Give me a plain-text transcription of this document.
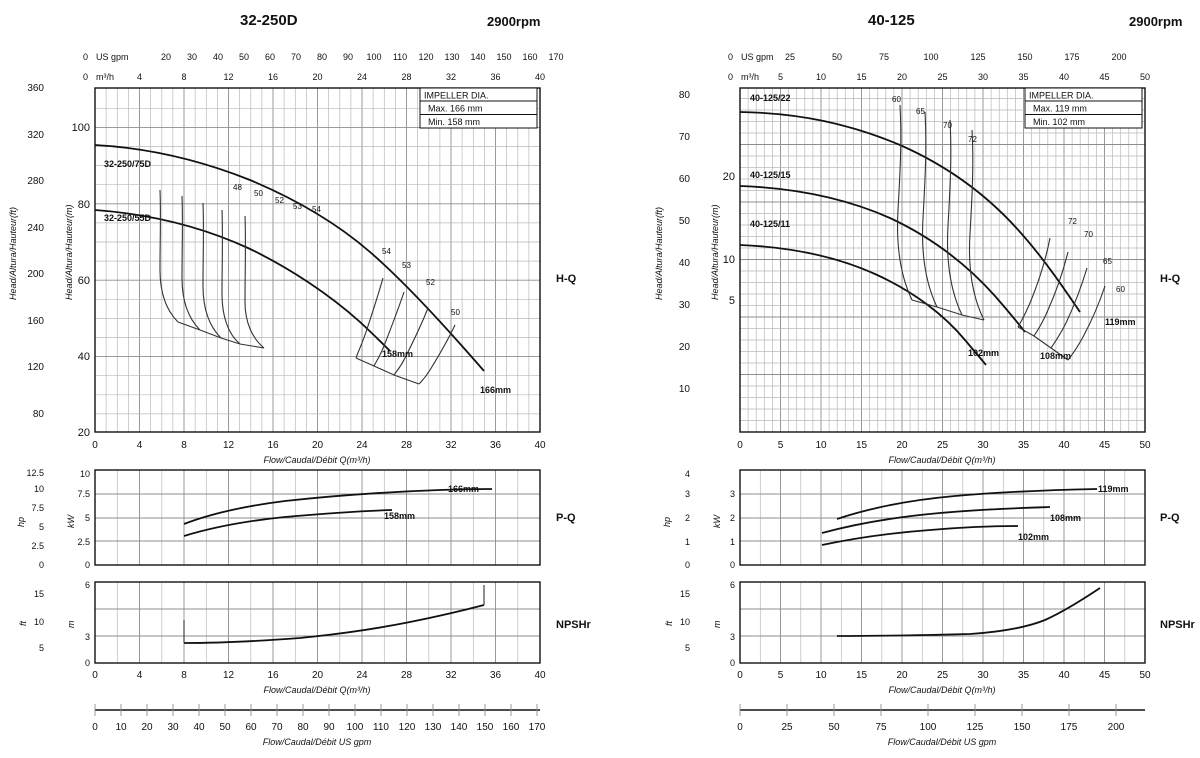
32-250D	2900rpm
0 US gpm	20 30 40 50 60 70 80 90 100 110 120 130 140 150 160 170
0 m³/h	4	8	12	16	20	24	28	32	36	40
Head/Altura/Hauteur(ft)	Head/Altura/Hauteur(m)
80
120
160
200
240
280
320
360
20
40
60
80
100
H-Q
IMPELLER DIA.
Max. 166 mm
Min. 158 mm
32-250/75D
32-250/55D
48
50
52
53 54
54
53
52
50
158mm
166mm
0	4	8	12	16	20	24	28	32	36	40
Flow/Caudal/Débit Q(m³/h)
166mm
158mm
hp	kW
0
2.5
5
7.5
10
12.5
0
2.5
5
7.5
10
P-Q
ft	m
5
10
15
0
3
6
NPSHr
0	4	8	12	16	20	24	28	32	36	40
Flow/Caudal/Débit Q(m³/h)
0 10 20 30 40 50 60 70 80 90 100 110 120 130 140 150 160 170
Flow/Caudal/Débit US gpm
40-125	2900rpm
0 US gpm 25	50	75	100	125	150	175	200
0 m³/h 5	10	15	20	25	30	35	40	45	50
Head/Altura/Hauteur(ft)	Head/Altura/Hauteur(m)
10
20
30
40
50
60
70
80
5
10
20
H-Q
IMPELLER DIA.
Max. 119 mm
Min. 102 mm
40-125/22
40-125/15
40-125/11
60
65
70
72
72
70
65
60
119mm
108mm
102mm
0	5	10	15	20	25	30	35	40	45	50
Flow/Caudal/Débit Q(m³/h)
119mm
108mm
102mm
hp	kW
0
1
2
3
4
0
1
2
3
P-Q
ft	m
5
10
15
0
3
6
NPSHr
0	5	10	15	20	25	30	35	40	45	50
Flow/Caudal/Débit Q(m³/h)
0	25	50	75	100	125	150	175	200
Flow/Caudal/Débit US gpm
